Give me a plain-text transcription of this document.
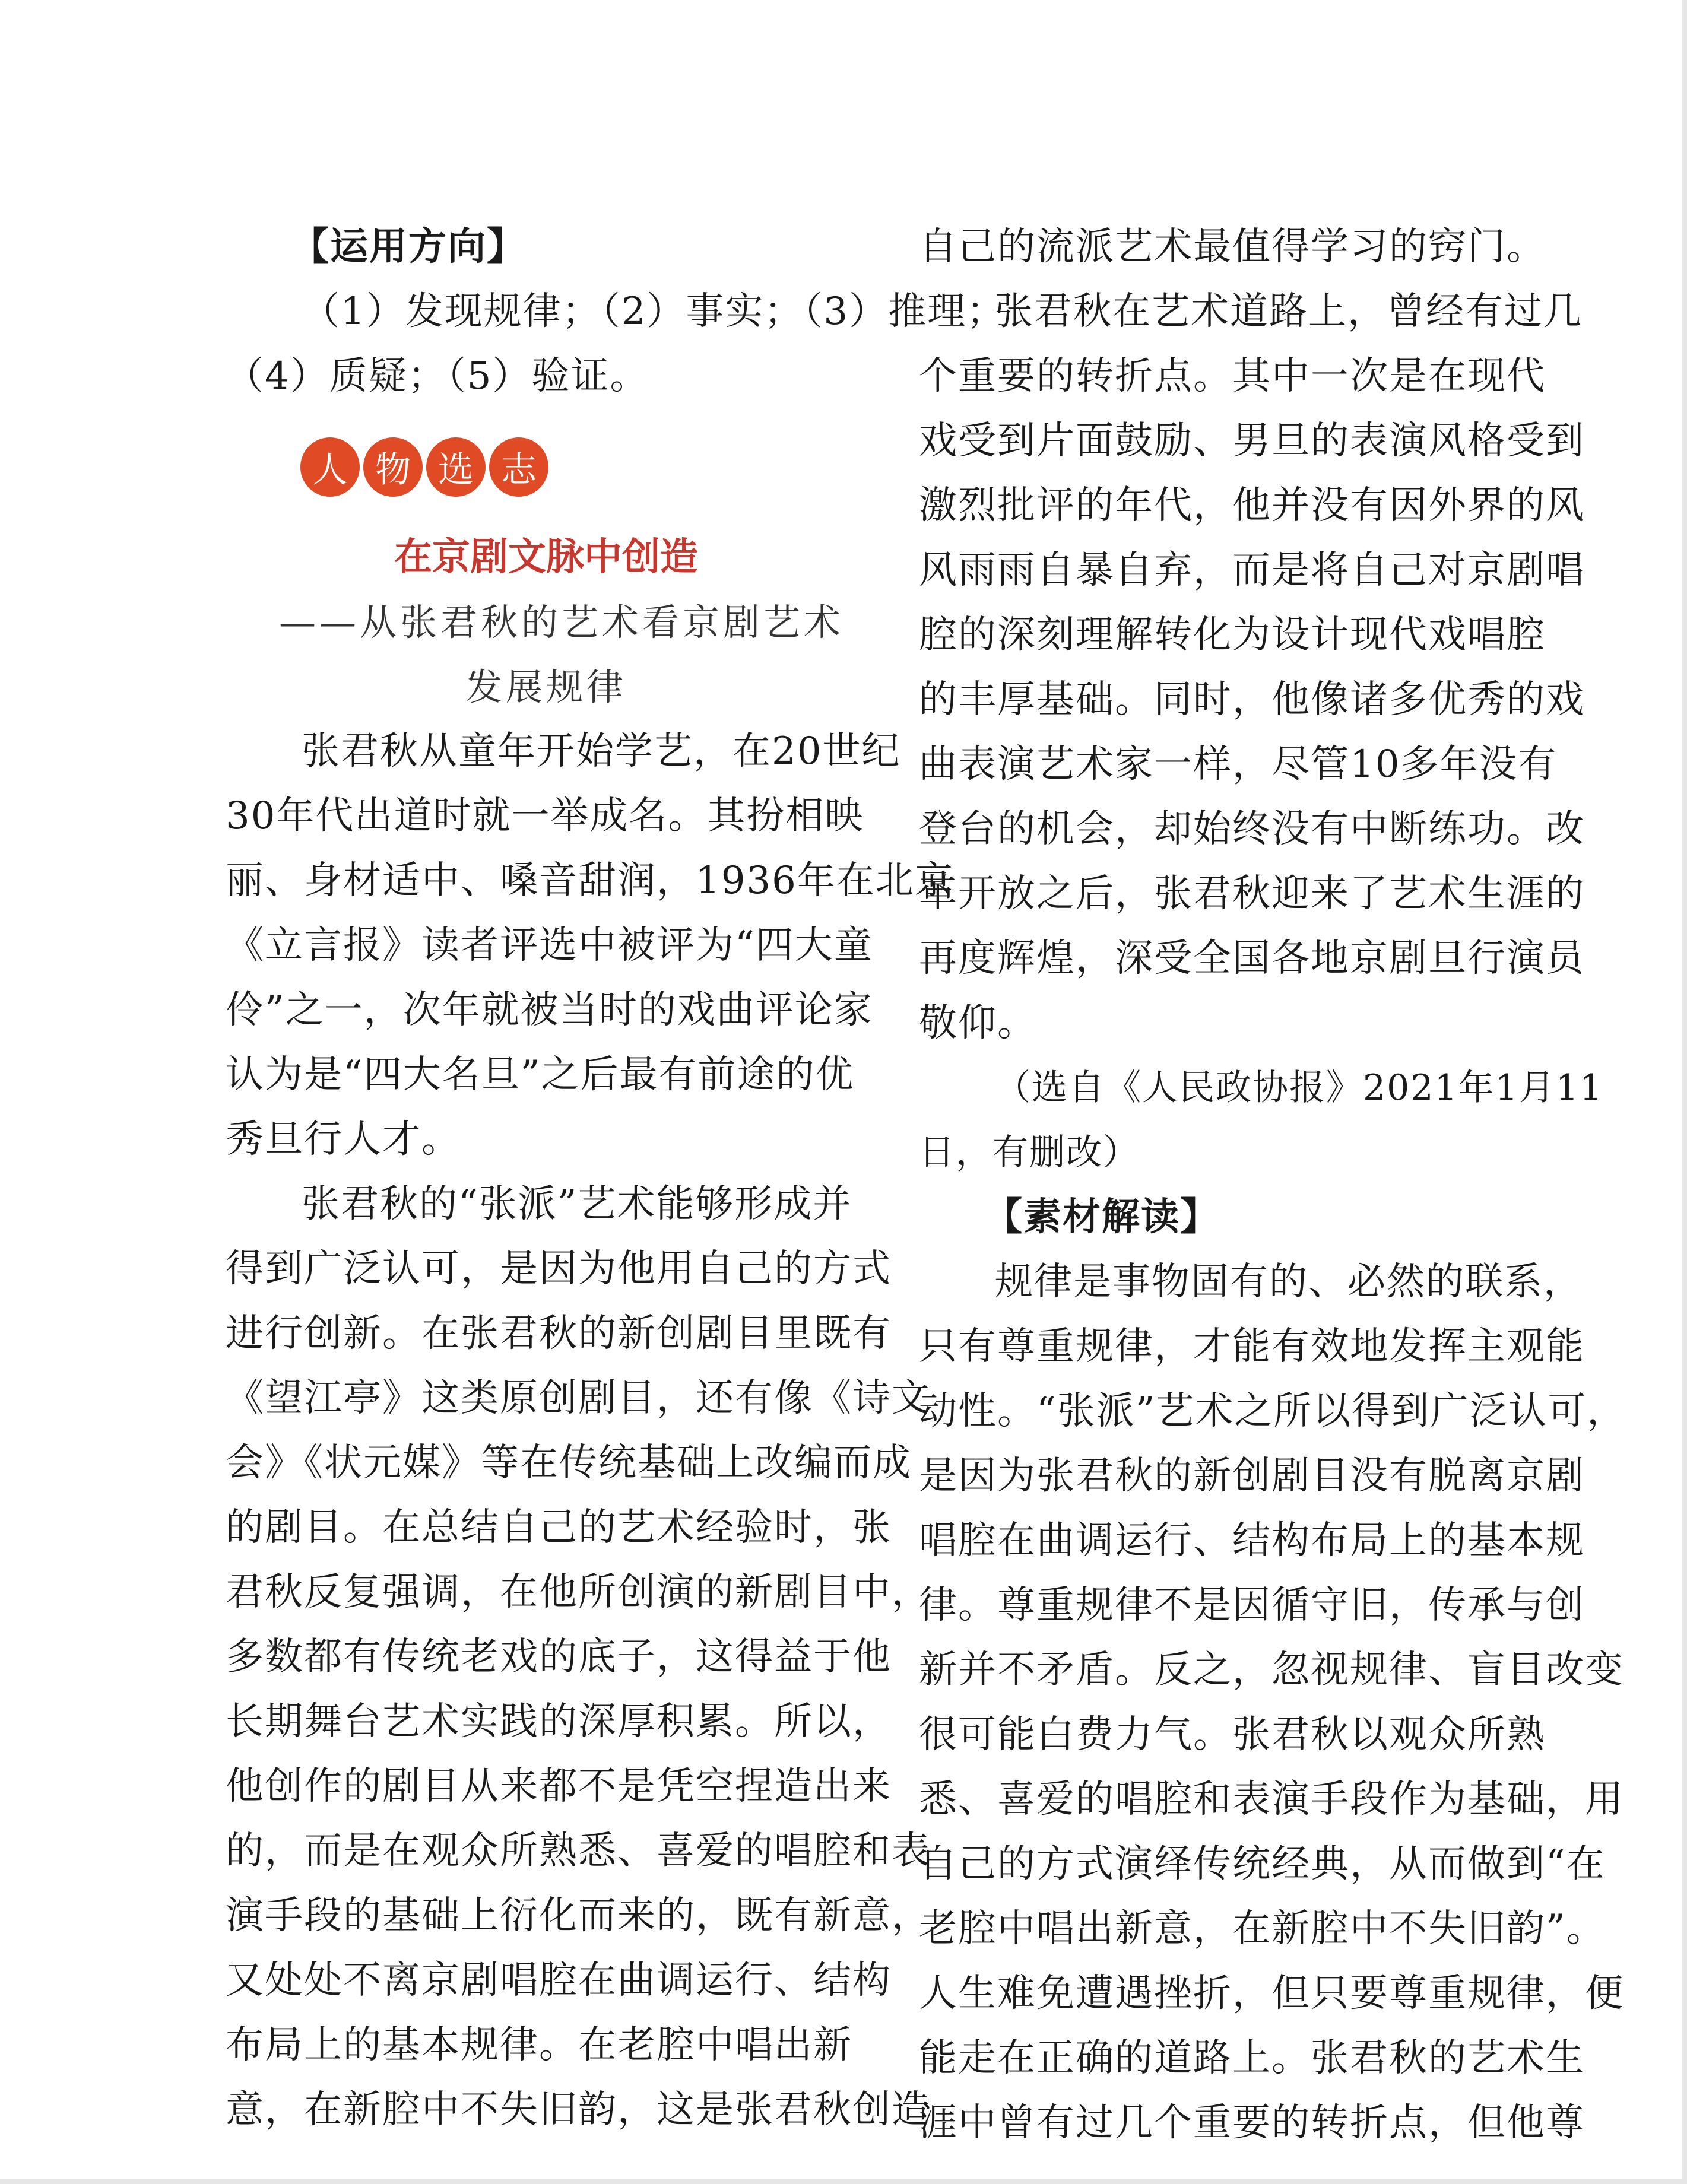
【运用方向】
（1）发现规律；（2）事实；（3）推理；
（4）质疑；（5）验证。
人 物 选 志
在京剧文脉中创造
——从张君秋的艺术看京剧艺术
发展规律
张君秋从童年开始学艺，在20世纪
30年代出道时就一举成名。其扮相映
丽、身材适中、嗓音甜润，1936年在北京
《立言报》读者评选中被评为“四大童
伶”之一，次年就被当时的戏曲评论家
认为是“四大名旦”之后最有前途的优
秀旦行人才。
张君秋的“张派”艺术能够形成并
得到广泛认可，是因为他用自己的方式
进行创新。在张君秋的新创剧目里既有
《望江亭》这类原创剧目，还有像《诗文
会》《状元媒》等在传统基础上改编而成
的剧目。在总结自己的艺术经验时，张
君秋反复强调，在他所创演的新剧目中，
多数都有传统老戏的底子，这得益于他
长期舞台艺术实践的深厚积累。所以，
他创作的剧目从来都不是凭空捏造出来
的，而是在观众所熟悉、喜爱的唱腔和表
演手段的基础上衍化而来的，既有新意，
又处处不离京剧唱腔在曲调运行、结构
布局上的基本规律。在老腔中唱出新
意，在新腔中不失旧韵，这是张君秋创造
自己的流派艺术最值得学习的窍门。
张君秋在艺术道路上，曾经有过几
个重要的转折点。其中一次是在现代
戏受到片面鼓励、男旦的表演风格受到
激烈批评的年代，他并没有因外界的风
风雨雨自暴自弃，而是将自己对京剧唱
腔的深刻理解转化为设计现代戏唱腔
的丰厚基础。同时，他像诸多优秀的戏
曲表演艺术家一样，尽管10多年没有
登台的机会，却始终没有中断练功。改
革开放之后，张君秋迎来了艺术生涯的
再度辉煌，深受全国各地京剧旦行演员
敬仰。
（选自《人民政协报》2021年1月11
日，有删改）
【素材解读】
规律是事物固有的、必然的联系，
只有尊重规律，才能有效地发挥主观能
动性。“张派”艺术之所以得到广泛认可，
是因为张君秋的新创剧目没有脱离京剧
唱腔在曲调运行、结构布局上的基本规
律。尊重规律不是因循守旧，传承与创
新并不矛盾。反之，忽视规律、盲目改变
很可能白费力气。张君秋以观众所熟
悉、喜爱的唱腔和表演手段作为基础，用
自己的方式演绎传统经典，从而做到“在
老腔中唱出新意，在新腔中不失旧韵”。
人生难免遭遇挫折，但只要尊重规律，便
能走在正确的道路上。张君秋的艺术生
涯中曾有过几个重要的转折点，但他尊
